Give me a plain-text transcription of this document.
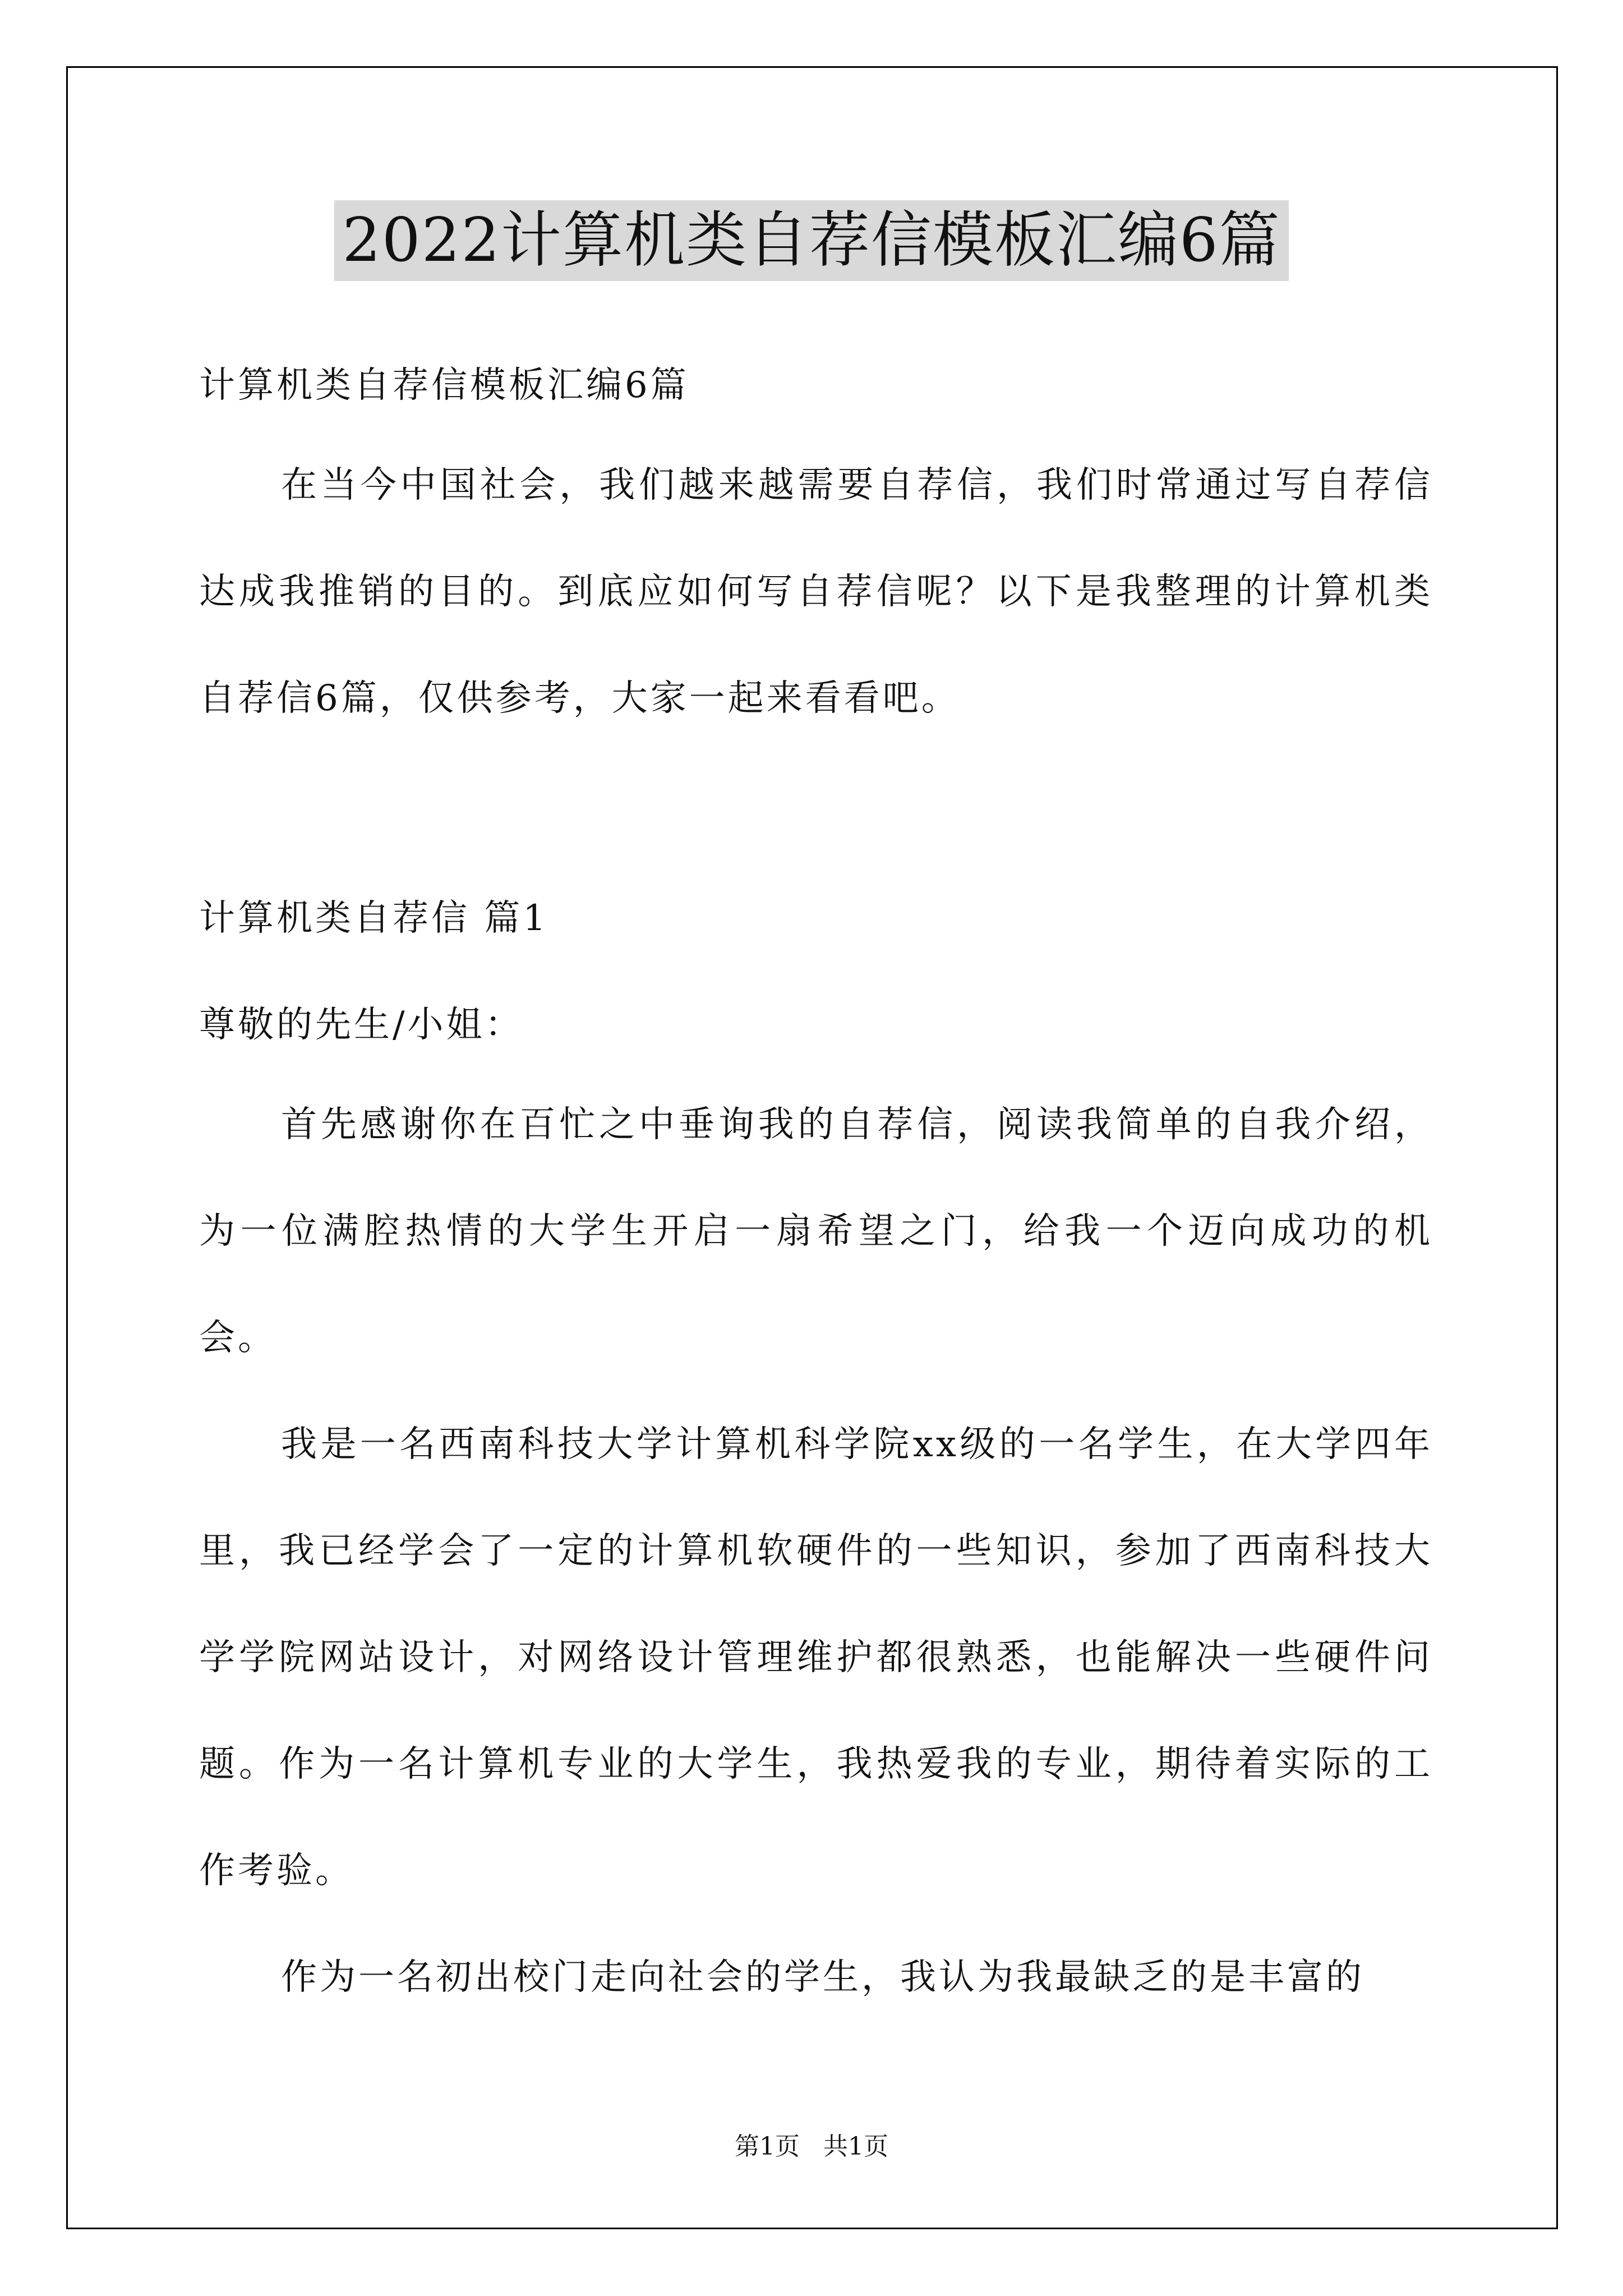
2022计算机类自荐信模板汇编6篇
计算机类自荐信模板汇编6篇
在当今中国社会，我们越来越需要自荐信，我们时常通过写自荐信达成我推销的目的。到底应如何写自荐信呢？以下是我整理的计算机类自荐信6篇，仅供参考，大家一起来看看吧。
计算机类自荐信 篇1
尊敬的先生/小姐：
首先感谢你在百忙之中垂询我的自荐信，阅读我简单的自我介绍，为一位满腔热情的大学生开启一扇希望之门，给我一个迈向成功的机会。
我是一名西南科技大学计算机科学院xx级的一名学生，在大学四年里，我已经学会了一定的计算机软硬件的一些知识，参加了西南科技大学学院网站设计，对网络设计管理维护都很熟悉，也能解决一些硬件问题。作为一名计算机专业的大学生，我热爱我的专业，期待着实际的工作考验。
作为一名初出校门走向社会的学生，我认为我最缺乏的是丰富的
第1页   共1页
